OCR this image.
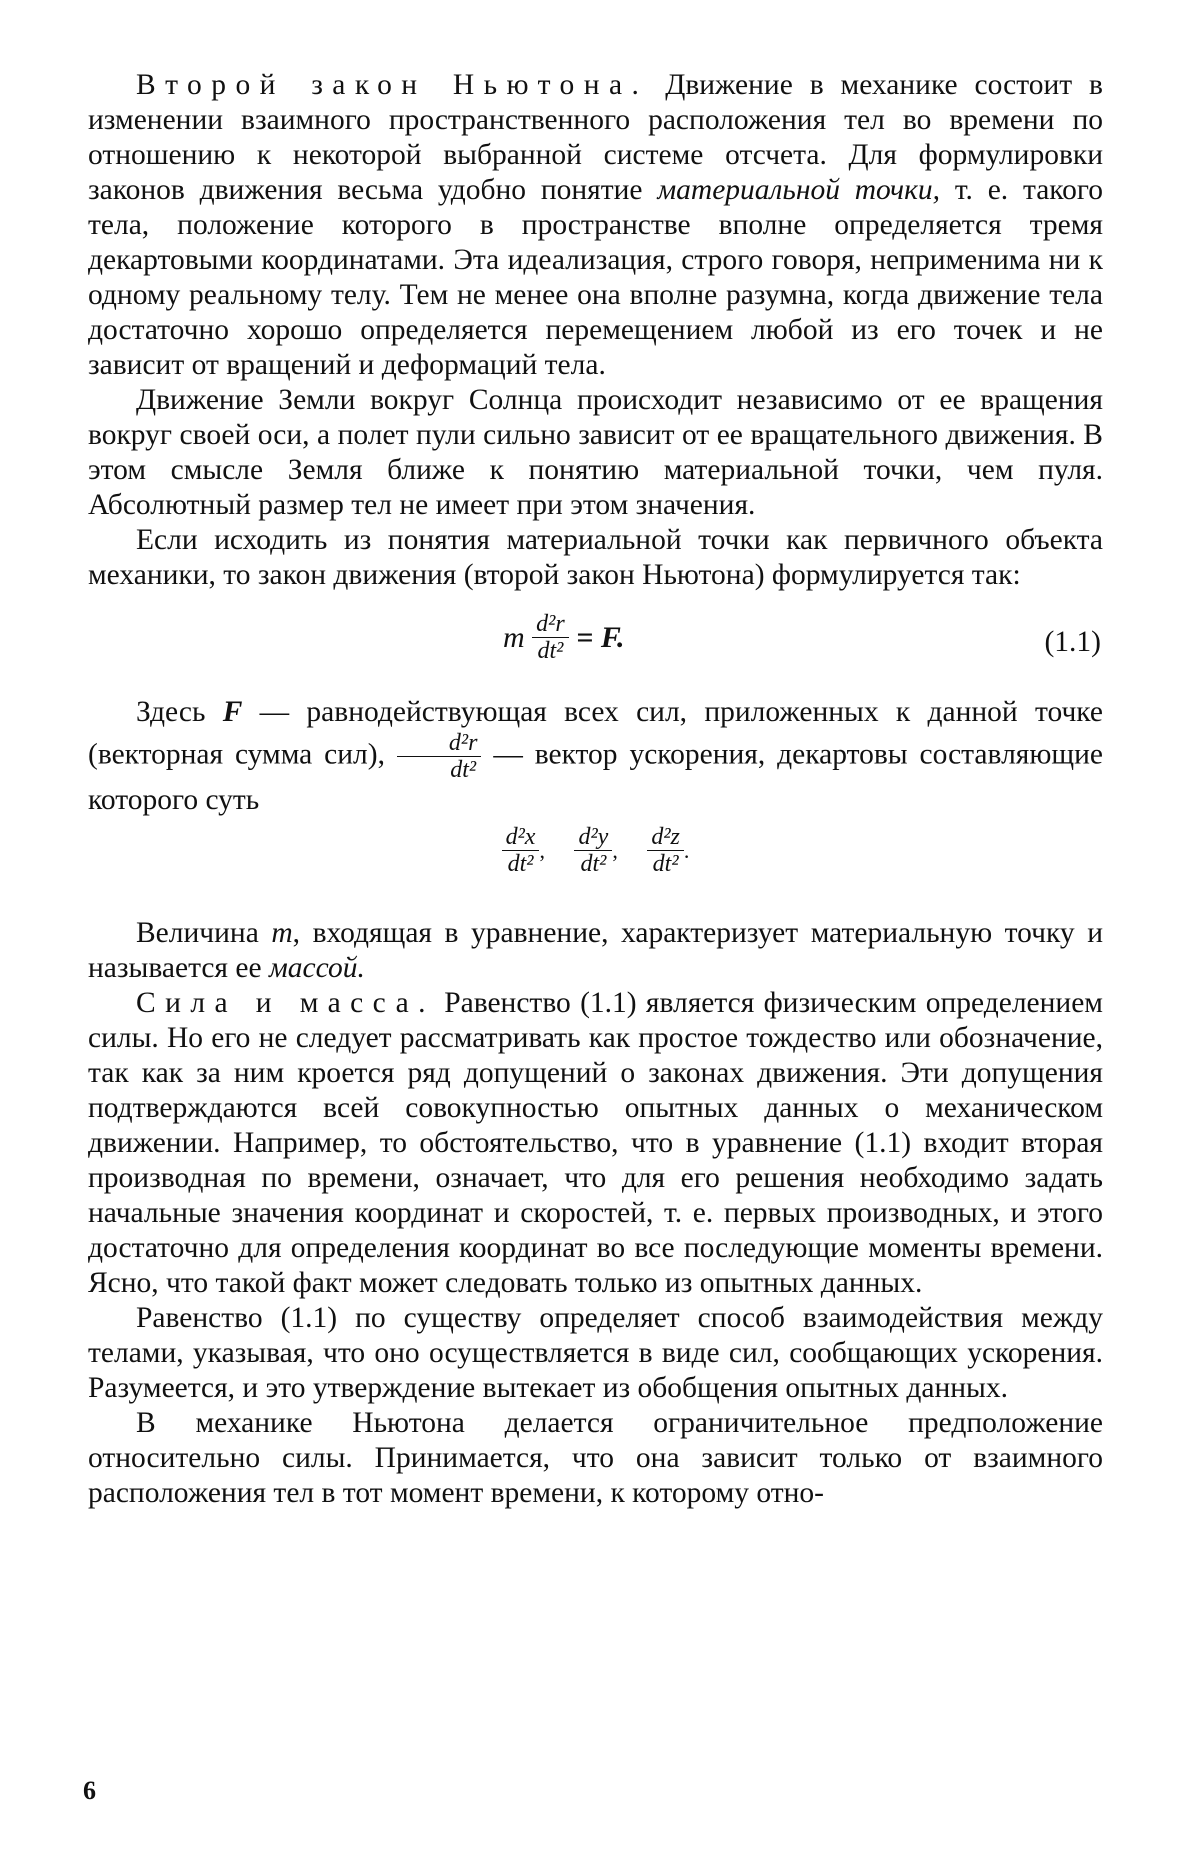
Второй закон Ньютона. Движение в механике состоит в изменении взаимного пространственного расположения тел во времени по отношению к некоторой выбранной системе отсчета. Для формулировки законов движения весьма удобно понятие материальной точки, т. е. такого тела, положение которого в пространстве вполне определяется тремя декартовыми координатами. Эта идеализация, строго говоря, неприменима ни к одному реальному телу. Тем не менее она вполне разумна, когда движение тела достаточно хорошо определяется перемещением любой из его точек и не зависит от вращений и деформаций тела.

Движение Земли вокруг Солнца происходит независимо от ее вращения вокруг своей оси, а полет пули сильно зависит от ее вращательного движения. В этом смысле Земля ближе к понятию материальной точки, чем пуля. Абсолютный размер тел не имеет при этом значения.

Если исходить из понятия материальной точки как первичного объекта механики, то закон движения (второй закон Ньютона) формулируется так:

m $\frac{\text{d²r}}{\text{dt²}} = F$.	(1.1)

Здесь F — равнодействующая всех сил, приложенных к данной точке (векторная сумма сил), $\frac{\text{d²r}}{\text{dt²}}$ — вектор ускорения, декартовы составляющие которого суть

$\frac{\text{d²x}}{\text{dt²}}$ , $\frac{\text{d²y}}{\text{dt²}}$ , $\frac{\text{d²z}}{\text{dt²}}$ .

Величина m, входящая в уравнение, характеризует материальную точку и называется ее массой.

Сила и масса. Равенство (1.1) является физическим определением силы. Но его не следует рассматривать как простое тождество или обозначение, так как за ним кроется ряд допущений о законах движения. Эти допущения подтверждаются всей совокупностью опытных данных о механическом движении. Например, то обстоятельство, что в уравнение (1.1) входит вторая производная по времени, означает, что для его решения необходимо задать начальные значения координат и скоростей, т. е. первых производных, и этого достаточно для определения координат во все последующие моменты времени. Ясно, что такой факт может следовать только из опытных данных.

Равенство (1.1) по существу определяет способ взаимодействия между телами, указывая, что оно осуществляется в виде сил, сообщающих ускорения. Разумеется, и это утверждение вытекает из обобщения опытных данных.

В механике Ньютона делается ограничительное предположение относительно силы. Принимается, что она зависит только от взаимного расположения тел в тот момент времени, к которому отно-

6
